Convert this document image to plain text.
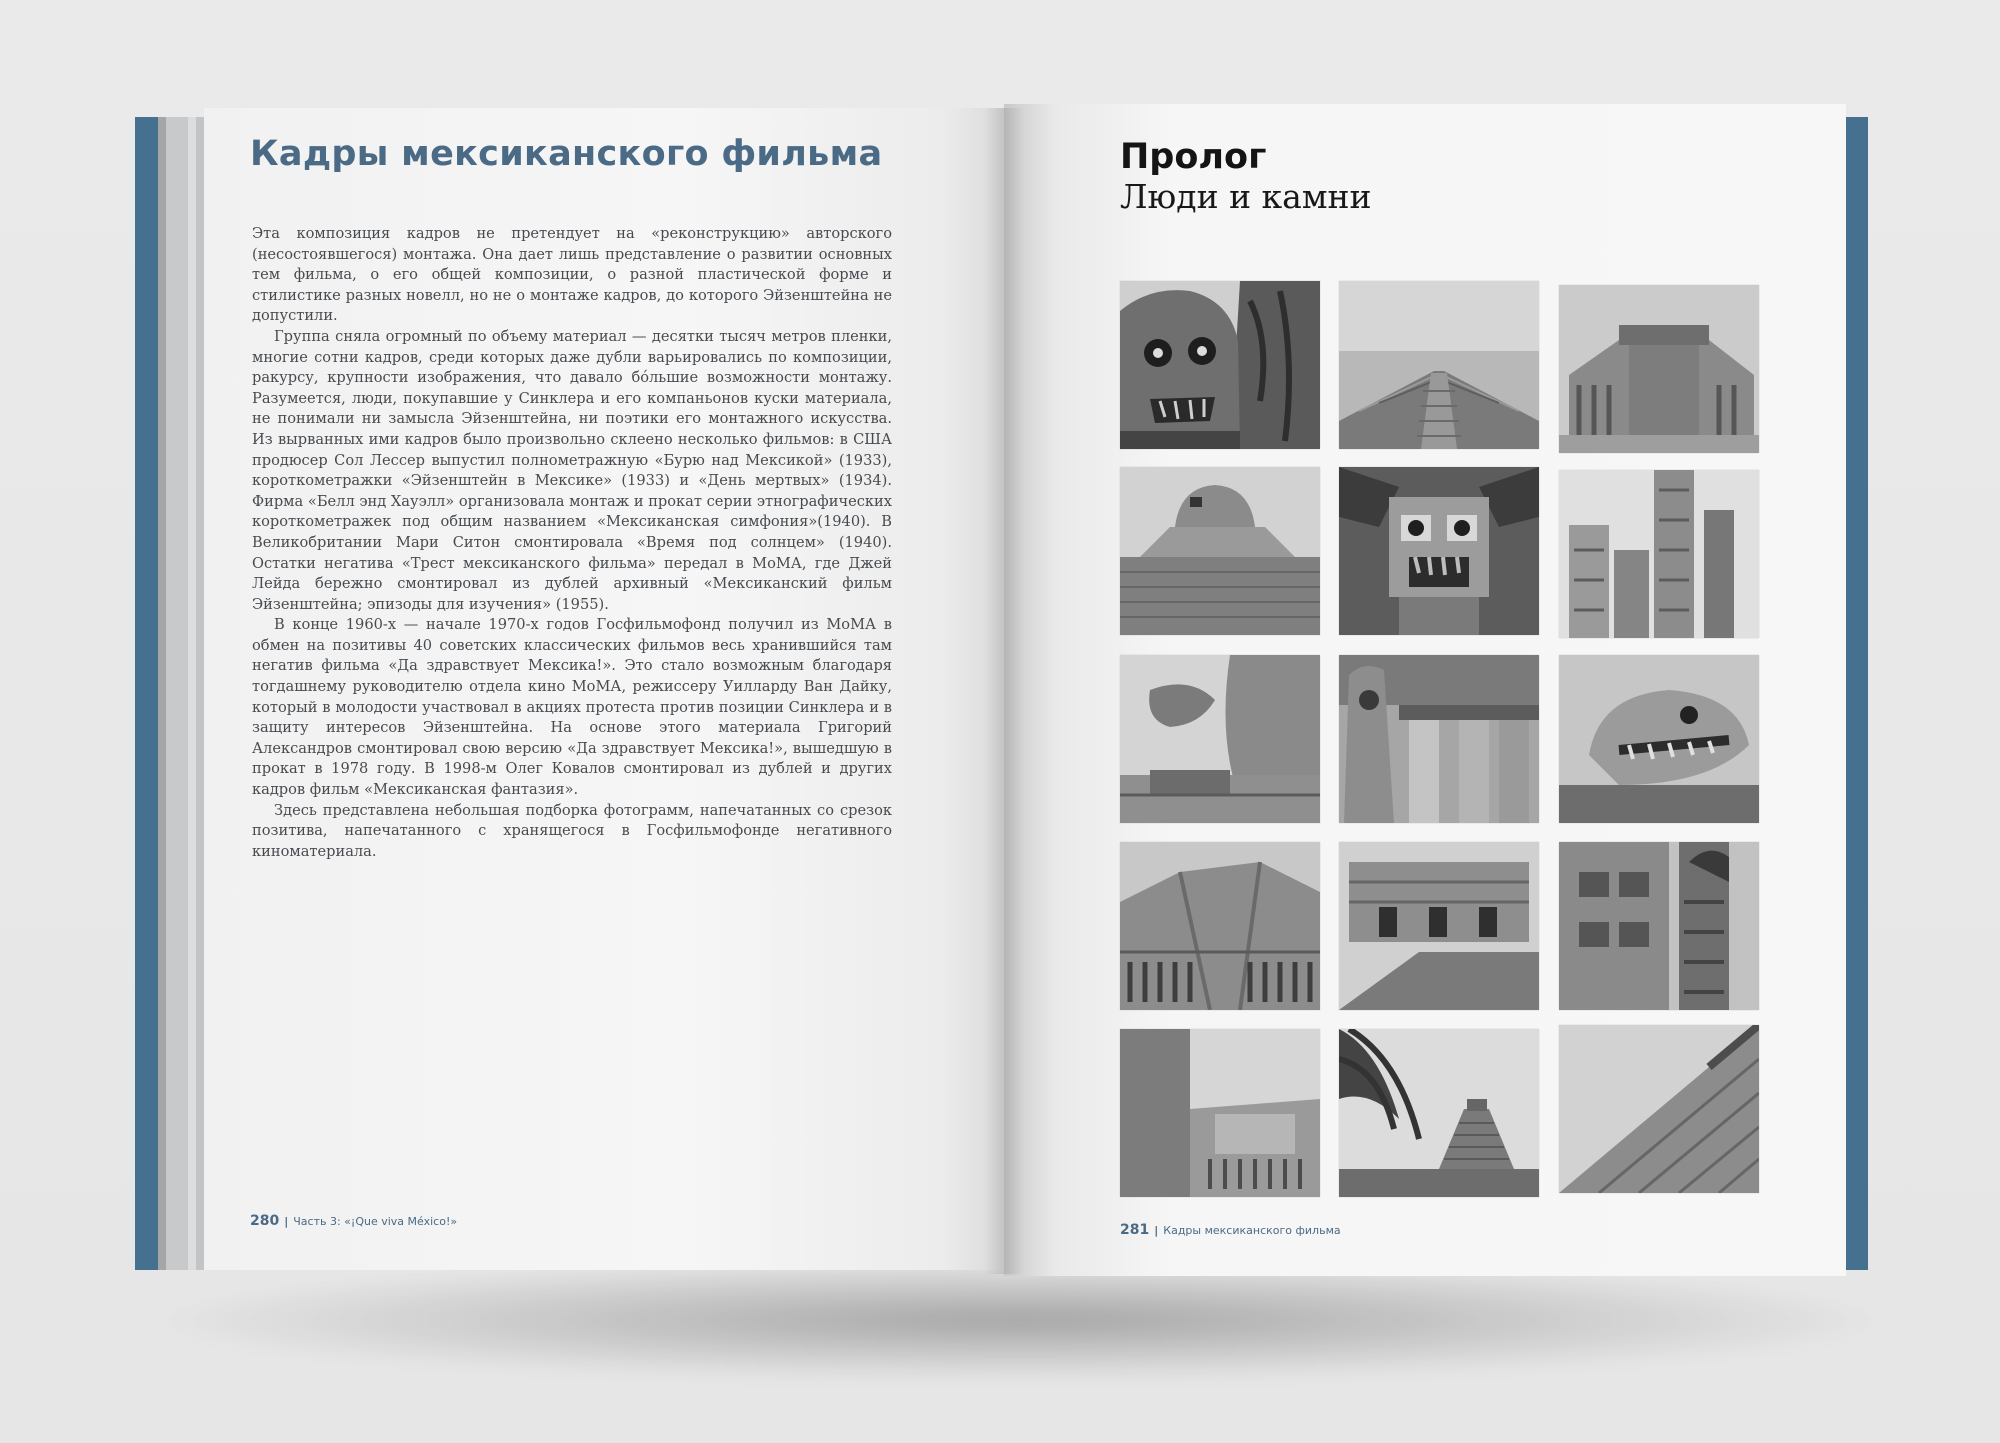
Кадры мексиканского фильма

Эта композиция кадров не претендует на «реконструкцию» авторского (несостоявшегося) монтажа. Она дает лишь представление о развитии основных тем фильма, о его общей композиции, о разной пластической форме и стилистике разных новелл, но не о монтаже кадров, до которого Эйзенштейна не допустили.

Группа сняла огромный по объему материал — десятки тысяч метров пленки, многие сотни кадров, среди которых даже дубли варьировались по композиции, ракурсу, крупности изображения, что давало бóльшие возможности монтажу. Разумеется, люди, покупавшие у Синклера и его компаньонов куски материала, не понимали ни замысла Эйзенштейна, ни поэтики его монтажного искусства. Из вырванных ими кадров было произвольно склеено несколько фильмов: в США продюсер Сол Лессер выпустил полнометражную «Бурю над Мексикой» (1933), короткометражки «Эйзенштейн в Мексике» (1933) и «День мертвых» (1934). Фирма «Белл энд Хауэлл» организовала монтаж и прокат серии этнографических короткометражек под общим названием «Мексиканская симфония»(1940). В Великобритании Мари Ситон смонтировала «Время под солнцем» (1940). Остатки негатива «Трест мексиканского фильма» передал в МоМА, где Джей Лейда бережно смонтировал из дублей архивный «Мексиканский фильм Эйзенштейна; эпизоды для изучения» (1955).

В конце 1960-х — начале 1970-х годов Госфильмофонд получил из МоМА в обмен на позитивы 40 советских классических фильмов весь хранившийся там негатив фильма «Да здравствует Мексика!». Это стало возможным благодаря тогдашнему руководителю отдела кино МоМА, режиссеру Уилларду Ван Дайку, который в молодости участвовал в акциях протеста против позиции Синклера и в защиту интересов Эйзенштейна. На основе этого материала Григорий Александров смонтировал свою версию «Да здравствует Мексика!», вышедшую в прокат в 1978 году. В 1998-м Олег Ковалов смонтировал из дублей и других кадров фильм «Мексиканская фантазия».

Здесь представлена небольшая подборка фотограмм, напечатанных со срезок позитива, напечатанного с хранящегося в Госфильмофонде негативного киноматериала.

280 | Часть 3: «¡Que viva México!»
Пролог
Люди и камни
281 | Кадры мексиканского фильма
